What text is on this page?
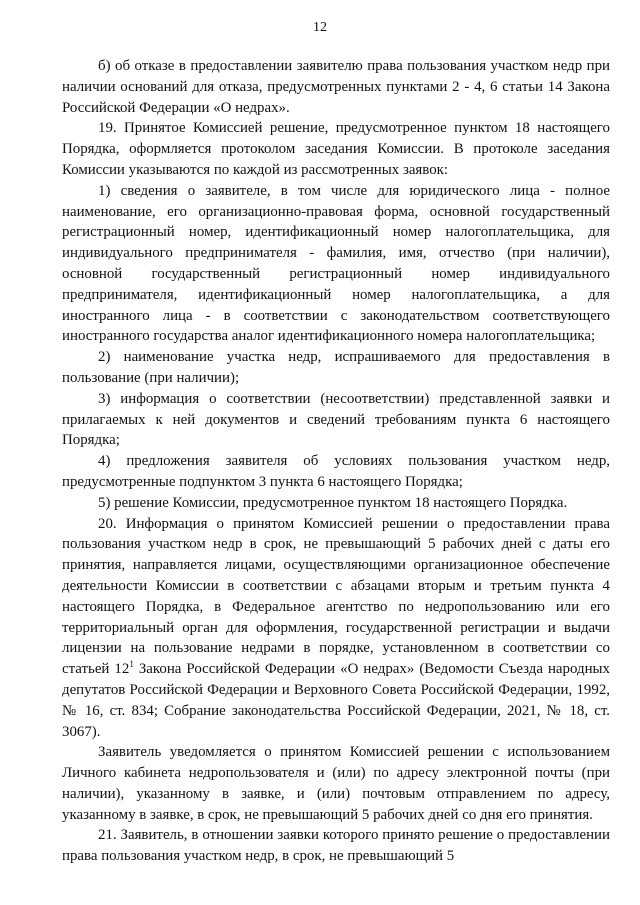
12

б) об отказе в предоставлении заявителю права пользования участком недр при наличии оснований для отказа, предусмотренных пунктами 2 - 4, 6 статьи 14 Закона Российской Федерации «О недрах».

19. Принятое Комиссией решение, предусмотренное пунктом 18 настоящего Порядка, оформляется протоколом заседания Комиссии. В протоколе заседания Комиссии указываются по каждой из рассмотренных заявок:

1) сведения о заявителе, в том числе для юридического лица - полное наименование, его организационно-правовая форма, основной государственный регистрационный номер, идентификационный номер налогоплательщика, для индивидуального предпринимателя - фамилия, имя, отчество (при наличии), основной государственный регистрационный номер индивидуального предпринимателя, идентификационный номер налогоплательщика, а для иностранного лица - в соответствии с законодательством соответствующего иностранного государства аналог идентификационного номера налогоплательщика;

2) наименование участка недр, испрашиваемого для предоставления в пользование (при наличии);

3) информация о соответствии (несоответствии) представленной заявки и прилагаемых к ней документов и сведений требованиям пункта 6 настоящего Порядка;

4) предложения заявителя об условиях пользования участком недр, предусмотренные подпунктом 3 пункта 6 настоящего Порядка;

5) решение Комиссии, предусмотренное пунктом 18 настоящего Порядка.

20. Информация о принятом Комиссией решении о предоставлении права пользования участком недр в срок, не превышающий 5 рабочих дней с даты его принятия, направляется лицами, осуществляющими организационное обеспечение деятельности Комиссии в соответствии с абзацами вторым и третьим пункта 4 настоящего Порядка, в Федеральное агентство по недропользованию или его территориальный орган для оформления, государственной регистрации и выдачи лицензии на пользование недрами в порядке, установленном в соответствии со статьей $12^1$ Закона Российской Федерации «О недрах» (Ведомости Съезда народных депутатов Российской Федерации и Верховного Совета Российской Федерации, 1992, № 16, ст. 834; Собрание законодательства Российской Федерации, 2021, № 18, ст. 3067).

Заявитель уведомляется о принятом Комиссией решении с использованием Личного кабинета недропользователя и (или) по адресу электронной почты (при наличии), указанному в заявке, и (или) почтовым отправлением по адресу, указанному в заявке, в срок, не превышающий 5 рабочих дней со дня его принятия.

21. Заявитель, в отношении заявки которого принято решение о предоставлении права пользования участком недр, в срок, не превышающий 5
